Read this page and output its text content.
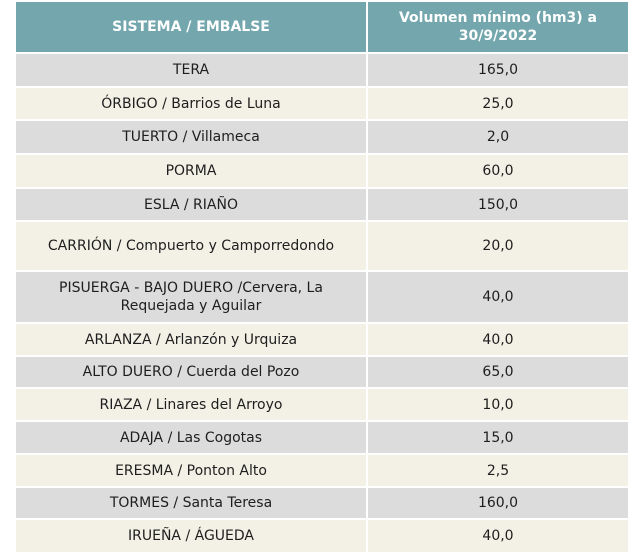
SISTEMA / EMBALSE	Volumen mínimo (hm3) a 30/9/2022
TERA	165,0
ÓRBIGO / Barrios de Luna	25,0
TUERTO / Villameca	2,0
PORMA	60,0
ESLA / RIAÑO	150,0
CARRIÓN / Compuerto y Camporredondo	20,0
PISUERGA - BAJO DUERO /Cervera, La Requejada y Aguilar	40,0
ARLANZA / Arlanzón y Urquiza	40,0
ALTO DUERO / Cuerda del Pozo	65,0
RIAZA / Linares del Arroyo	10,0
ADAJA / Las Cogotas	15,0
ERESMA / Ponton Alto	2,5
TORMES / Santa Teresa	160,0
IRUEÑA / ÁGUEDA	40,0
